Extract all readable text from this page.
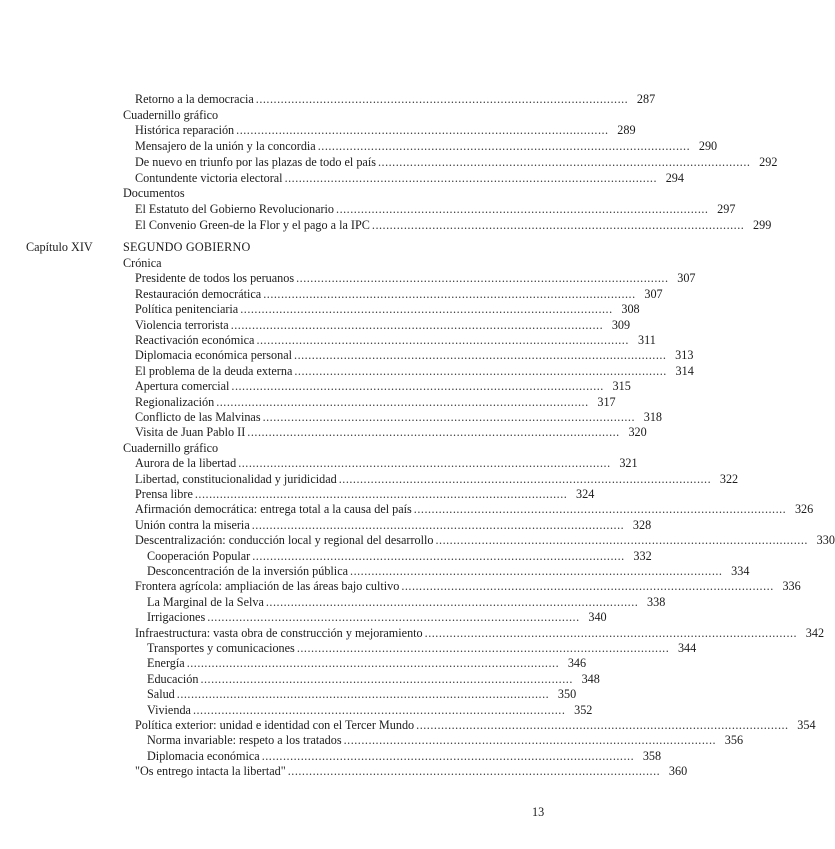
Retorno a la democracia ......................................................................................................... 287
Cuadernillo gráfico
Histórica reparación ......................................................................................................... 289
Mensajero de la unión y la concordia ......................................................................................................... 290
De nuevo en triunfo por las plazas de todo el país ......................................................................................................... 292
Contundente victoria electoral ......................................................................................................... 294
Documentos
El Estatuto del Gobierno Revolucionario ......................................................................................................... 297
El Convenio Green-de la Flor y el pago a la IPC ......................................................................................................... 299
Capítulo XIV SEGUNDO GOBIERNO
Crónica
Presidente de todos los peruanos ......................................................................................................... 307
Restauración democrática ......................................................................................................... 307
Política penitenciaria ......................................................................................................... 308
Violencia terrorista ......................................................................................................... 309
Reactivación económica ......................................................................................................... 311
Diplomacia económica personal ......................................................................................................... 313
El problema de la deuda externa ......................................................................................................... 314
Apertura comercial ......................................................................................................... 315
Regionalización ......................................................................................................... 317
Conflicto de las Malvinas ......................................................................................................... 318
Visita de Juan Pablo II ......................................................................................................... 320
Cuadernillo gráfico
Aurora de la libertad ......................................................................................................... 321
Libertad, constitucionalidad y juridicidad ......................................................................................................... 322
Prensa libre ......................................................................................................... 324
Afirmación democrática: entrega total a la causa del país ......................................................................................................... 326
Unión contra la miseria ......................................................................................................... 328
Descentralización: conducción local y regional del desarrollo ......................................................................................................... 330
Cooperación Popular ......................................................................................................... 332
Desconcentración de la inversión pública ......................................................................................................... 334
Frontera agrícola: ampliación de las áreas bajo cultivo ......................................................................................................... 336
La Marginal de la Selva ......................................................................................................... 338
Irrigaciones ......................................................................................................... 340
Infraestructura: vasta obra de construcción y mejoramiento ......................................................................................................... 342
Transportes y comunicaciones ......................................................................................................... 344
Energía ......................................................................................................... 346
Educación ......................................................................................................... 348
Salud ......................................................................................................... 350
Vivienda ......................................................................................................... 352
Política exterior: unidad e identidad con el Tercer Mundo ......................................................................................................... 354
Norma invariable: respeto a los tratados ......................................................................................................... 356
Diplomacia económica ......................................................................................................... 358
"Os entrego intacta la libertad" ......................................................................................................... 360
13
